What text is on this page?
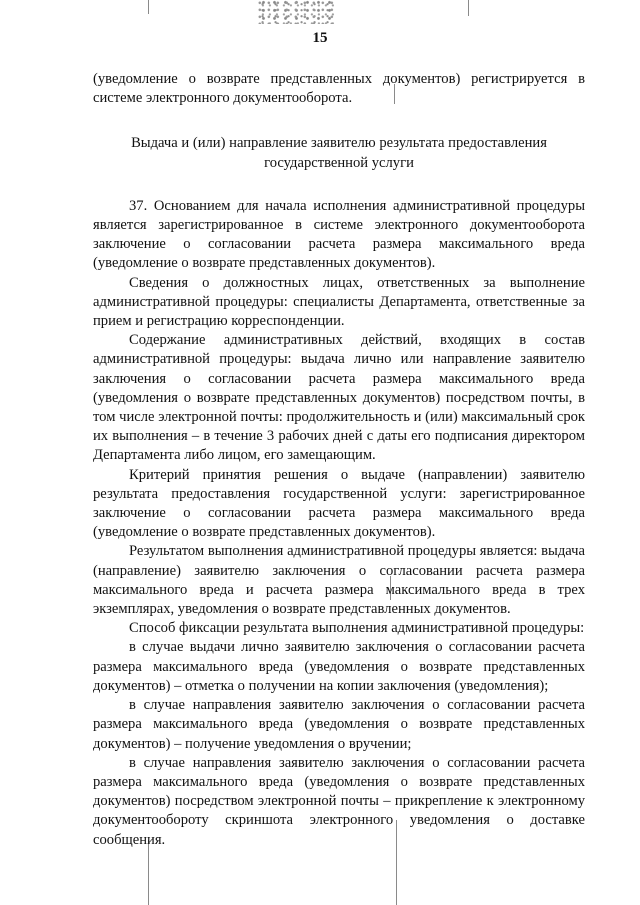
15

(уведомление о возврате представленных документов) регистрируется в системе электронного документооборота.

Выдача и (или) направление заявителю результата предоставления государственной услуги

37. Основанием для начала исполнения административной процедуры является зарегистрированное в системе электронного документооборота заключение о согласовании расчета размера максимального вреда (уведомление о возврате представленных документов).

Сведения о должностных лицах, ответственных за выполнение административной процедуры: специалисты Департамента, ответственные за прием и регистрацию корреспонденции.

Содержание административных действий, входящих в состав административной процедуры: выдача лично или направление заявителю заключения о согласовании расчета размера максимального вреда (уведомления о возврате представленных документов) посредством почты, в том числе электронной почты: продолжительность и (или) максимальный срок их выполнения – в течение 3 рабочих дней с даты его подписания директором Департамента либо лицом, его замещающим.

Критерий принятия решения о выдаче (направлении) заявителю результата предоставления государственной услуги: зарегистрированное заключение о согласовании расчета размера максимального вреда (уведомление о возврате представленных документов).

Результатом выполнения административной процедуры является: выдача (направление) заявителю заключения о согласовании расчета размера максимального вреда и расчета размера максимального вреда в трех экземплярах, уведомления о возврате представленных документов.

Способ фиксации результата выполнения административной процедуры:

в случае выдачи лично заявителю заключения о согласовании расчета размера максимального вреда (уведомления о возврате представленных документов) – отметка о получении на копии заключения (уведомления);

в случае направления заявителю заключения о согласовании расчета размера максимального вреда (уведомления о возврате представленных документов) – получение уведомления о вручении;

в случае направления заявителю заключения о согласовании расчета размера максимального вреда (уведомления о возврате представленных документов) посредством электронной почты – прикрепление к электронному документообороту скриншота электронного уведомления о доставке сообщения.
